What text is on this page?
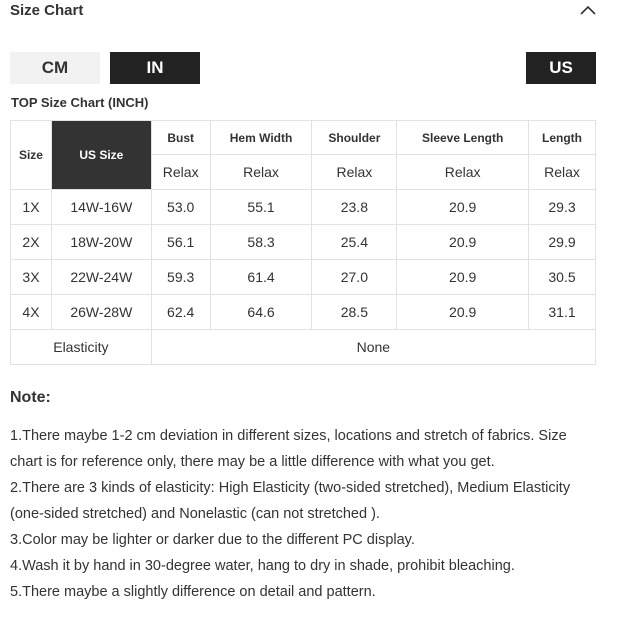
Size Chart
CM	IN	US
TOP Size Chart (INCH)
Size	US Size	Bust	Hem Width	Shoulder	Sleeve Length	Length
		Relax	Relax	Relax	Relax	Relax
1X	14W-16W	53.0	55.1	23.8	20.9	29.3
2X	18W-20W	56.1	58.3	25.4	20.9	29.9
3X	22W-24W	59.3	61.4	27.0	20.9	30.5
4X	26W-28W	62.4	64.6	28.5	20.9	31.1
Elasticity		None				
Note:

1.There maybe 1-2 cm deviation in different sizes, locations and stretch of fabrics. Size chart is for reference only, there may be a little difference with what you get.

2.There are 3 kinds of elasticity: High Elasticity (two-sided stretched), Medium Elasticity (one-sided stretched) and Nonelastic (can not stretched ).

3.Color may be lighter or darker due to the different PC display.

4.Wash it by hand in 30-degree water, hang to dry in shade, prohibit bleaching.

5.There maybe a slightly difference on detail and pattern.
